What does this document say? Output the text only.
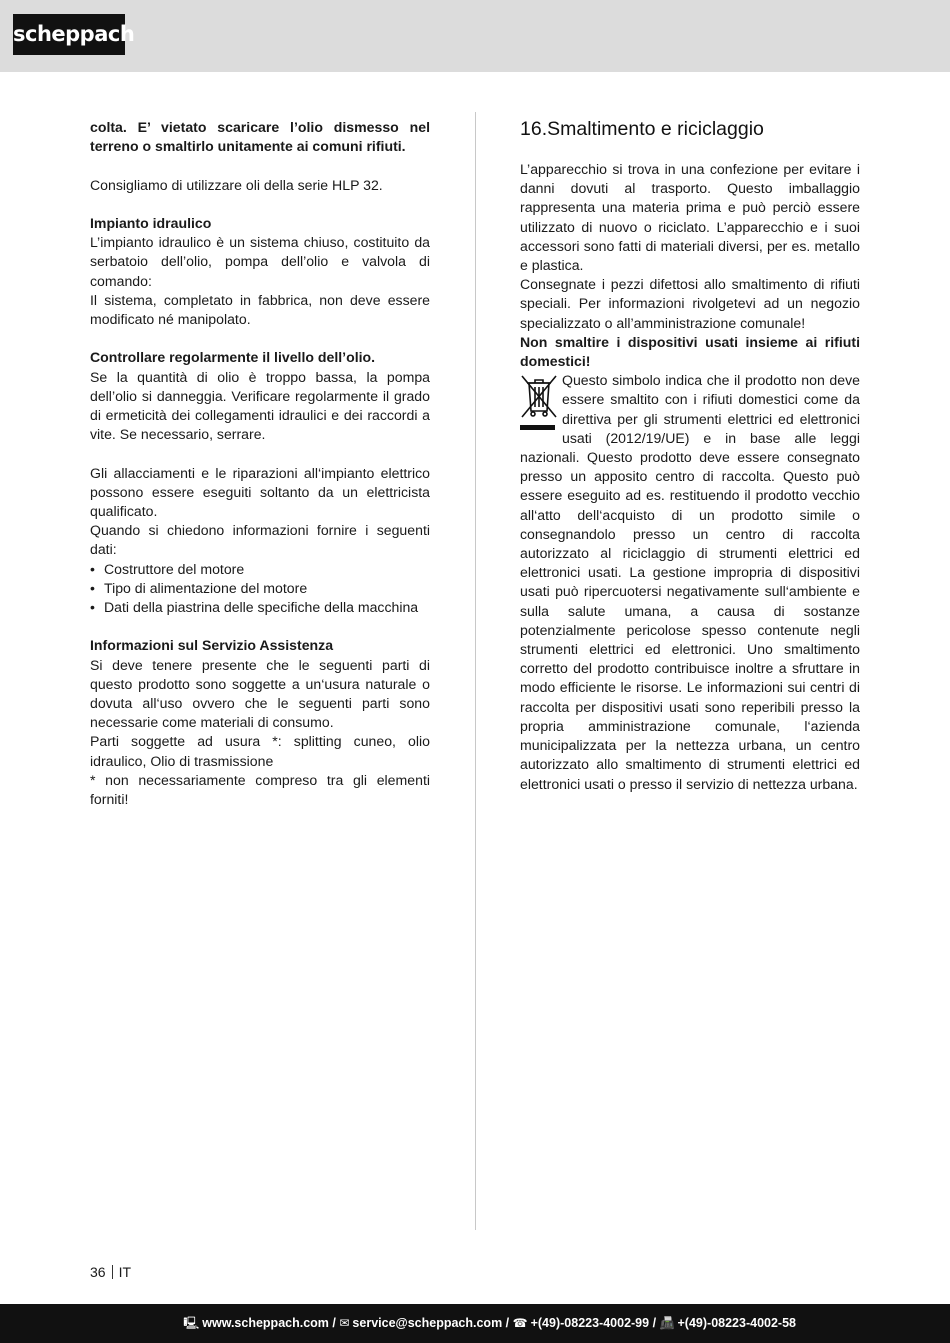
scheppach

colta. E’ vietato scaricare l’olio dismesso nel terreno o smaltirlo unitamente ai comuni rifiuti.

Consigliamo di utilizzare oli della serie HLP 32.

Impianto idraulico

L’impianto idraulico è un sistema chiuso, costituito da serbatoio dell’olio, pompa dell’olio e valvola di comando:

Il sistema, completato in fabbrica, non deve essere modificato né manipolato.

Controllare regolarmente il livello dell’olio.

Se la quantità di olio è troppo bassa, la pompa dell’olio si danneggia. Verificare regolarmente il grado di ermeticità dei collegamenti idraulici e dei raccordi a vite. Se necessario, serrare.

Gli allacciamenti e le riparazioni all‘impianto elettrico possono essere eseguiti soltanto da un elettricista qualificato.

Quando si chiedono informazioni fornire i seguenti dati:

• Costruttore del motore
• Tipo di alimentazione del motore
• Dati della piastrina delle specifiche della macchina

Informazioni sul Servizio Assistenza

Si deve tenere presente che le seguenti parti di questo prodotto sono soggette a un‘usura naturale o dovuta all‘uso ovvero che le seguenti parti sono necessarie come materiali di consumo.

Parti soggette ad usura *: splitting cuneo, olio idraulico, Olio di trasmissione

* non necessariamente compreso tra gli elementi forniti!

16.Smaltimento e riciclaggio

L’apparecchio si trova in una confezione per evitare i danni dovuti al trasporto. Questo imballaggio rappresenta una materia prima e può perciò essere utilizzato di nuovo o riciclato. L’apparecchio e i suoi accessori sono fatti di materiali diversi, per es. metallo e plastica.

Consegnate i pezzi difettosi allo smaltimento di rifiuti speciali. Per informazioni rivolgetevi ad un negozio specializzato o all’amministrazione comunale!

Non smaltire i dispositivi usati insieme ai rifiuti domestici!

Questo simbolo indica che il prodotto non deve essere smaltito con i rifiuti domestici come da direttiva per gli strumenti elettrici ed elettronici usati (2012/19/UE) e in base alle leggi nazionali. Questo prodotto deve essere consegnato presso un apposito centro di raccolta. Questo può essere eseguito ad es. restituendo il prodotto vecchio all‘atto dell‘acquisto di un prodotto simile o consegnandolo presso un centro di raccolta autorizzato al riciclaggio di strumenti elettrici ed elettronici usati. La gestione impropria di dispositivi usati può ripercuotersi negativamente sull‘ambiente e sulla salute umana, a causa di sostanze potenzialmente pericolose spesso contenute negli strumenti elettrici ed elettronici. Uno smaltimento corretto del prodotto contribuisce inoltre a sfruttare in modo efficiente le risorse. Le informazioni sui centri di raccolta per dispositivi usati sono reperibili presso la propria amministrazione comunale, l‘azienda municipalizzata per la nettezza urbana, un centro autorizzato allo smaltimento di strumenti elettrici ed elettronici usati o presso il servizio di nettezza urbana.

36 IT
🖳 www.scheppach.com / ✉ service@scheppach.com / ☎ +(49)-08223-4002-99 / 📠 +(49)-08223-4002-58
